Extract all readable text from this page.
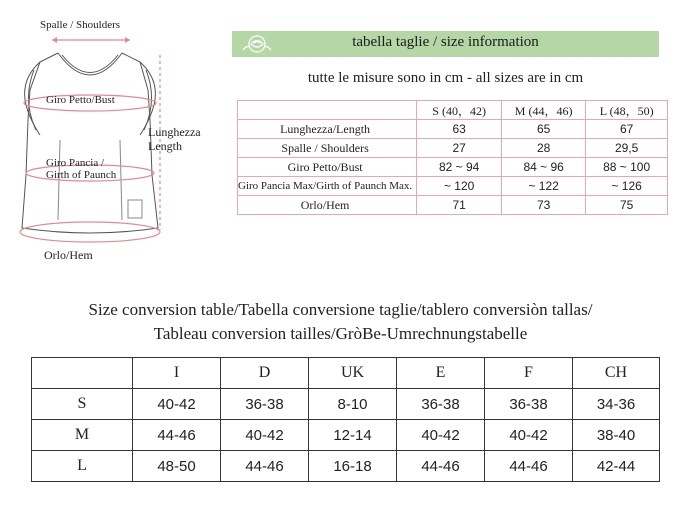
Spalle / Shoulders
Giro Petto/Bust
Lunghezza
Length
Giro Pancia /
Girth of Paunch
Orlo/Hem
tabella taglie / size information
tutte le misure sono in cm - all sizes are in cm
	S (40，42)	M (44，46)	L (48，50)
Lunghezza/Length	63	65	67
Spalle / Shoulders	27	28	29,5
Giro Petto/Bust	82 ~ 94	84 ~ 96	88 ~ 100
Giro Pancia Max/Girth of Paunch Max.	~ 120	~ 122	~ 126
Orlo/Hem	71	73	75
Size conversion table/Tabella conversione taglie/tablero conversiòn tallas/
Tableau conversion tailles/GròBe-Umrechnungstabelle
	I	D	UK	E	F	CH
S	40-42	36-38	8-10	36-38	36-38	34-36
M	44-46	40-42	12-14	40-42	40-42	38-40
L	48-50	44-46	16-18	44-46	44-46	42-44
